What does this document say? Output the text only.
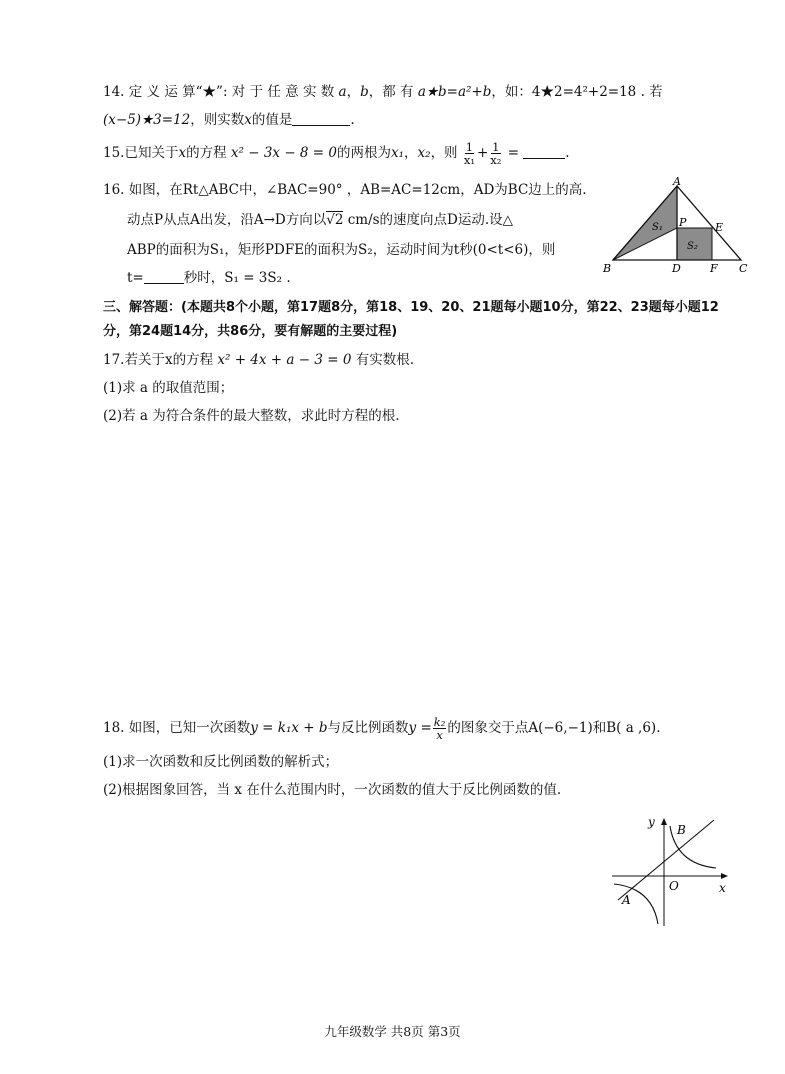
14. 定 义 运 算“★”: 对 于 任 意 实 数 a，b，都 有 a★b=a²+b，如：4★2=4²+2=18 . 若
(x−5)★3=12，则实数x的值是	.
15.已知关于x的方程 x² − 3x − 8 = 0的两根为x₁，x₂，则 $\frac{1}{\text{x₁}} + \frac{1}{\text{x₂}}$ =	.
16. 如图，在Rt△ABC中，∠BAC=90° ，AB=AC=12cm，AD为BC边上的高.
动点P从点A出发，沿A→D方向以√2 cm/s的速度向点D运动.设△
ABP的面积为S₁，矩形PDFE的面积为S₂，运动时间为t秒(0<t<6)，则
t=	秒时，S₁ = 3S₂ .
A
B	C
D
E
F
P
S₁
S₂
三、解答题：(本题共8个小题，第17题8分，第18、19、20、21题每小题10分，第22、23题每小题12
分，第24题14分，共86分，要有解题的主要过程)
17.若关于x的方程 x² + 4x + a − 3 = 0 有实数根.
(1)求 a 的取值范围；
(2)若 a 为符合条件的最大整数，求此时方程的根.
18. 如图，已知一次函数y = k₁x + b与反比例函数$y = \frac{\text{k₂}}{x}$ 的图象交于点A(−6,−1)和B( a ,6).
(1)求一次函数和反比例函数的解析式；
(2)根据图象回答，当 x 在什么范围内时，一次函数的值大于反比例函数的值.
y
x
O
A
B
九年级数学 共8页 第3页
